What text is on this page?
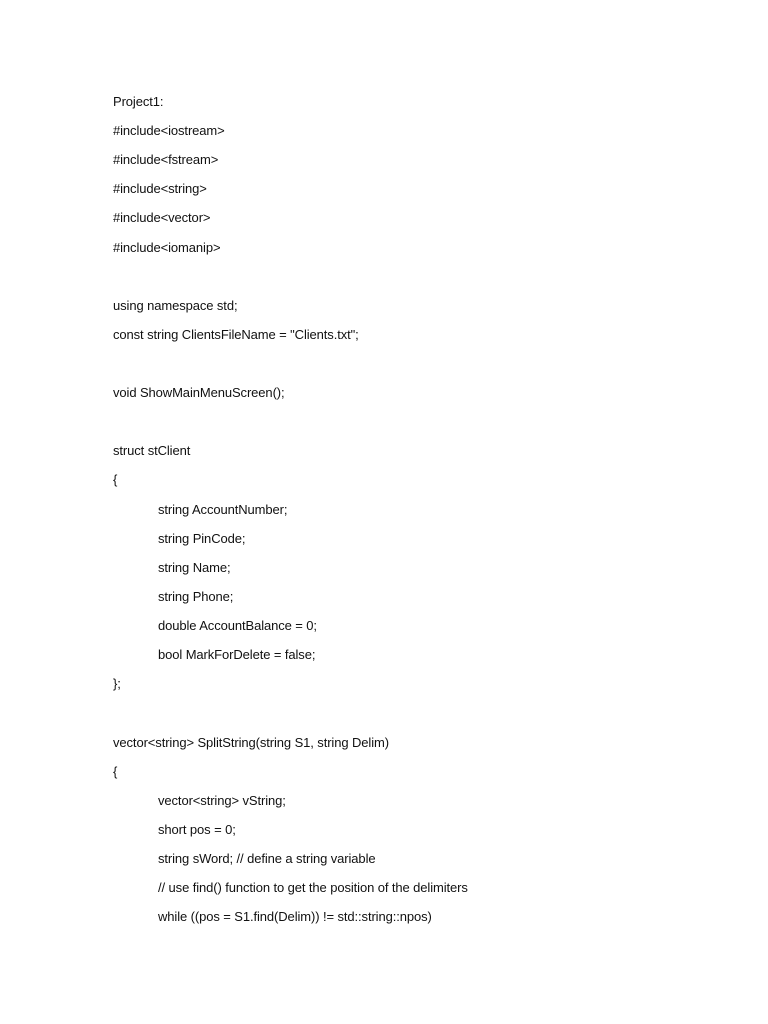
Project1:
#include<iostream>
#include<fstream>
#include<string>
#include<vector>
#include<iomanip>
using namespace std;
const string ClientsFileName = "Clients.txt";
void ShowMainMenuScreen();
struct stClient
{
string AccountNumber;
string PinCode;
string Name;
string Phone;
double AccountBalance = 0;
bool MarkForDelete = false;
};
vector<string> SplitString(string S1, string Delim)
{
vector<string> vString;
short pos = 0;
string sWord; // define a string variable
// use find() function to get the position of the delimiters
while ((pos = S1.find(Delim)) != std::string::npos)
